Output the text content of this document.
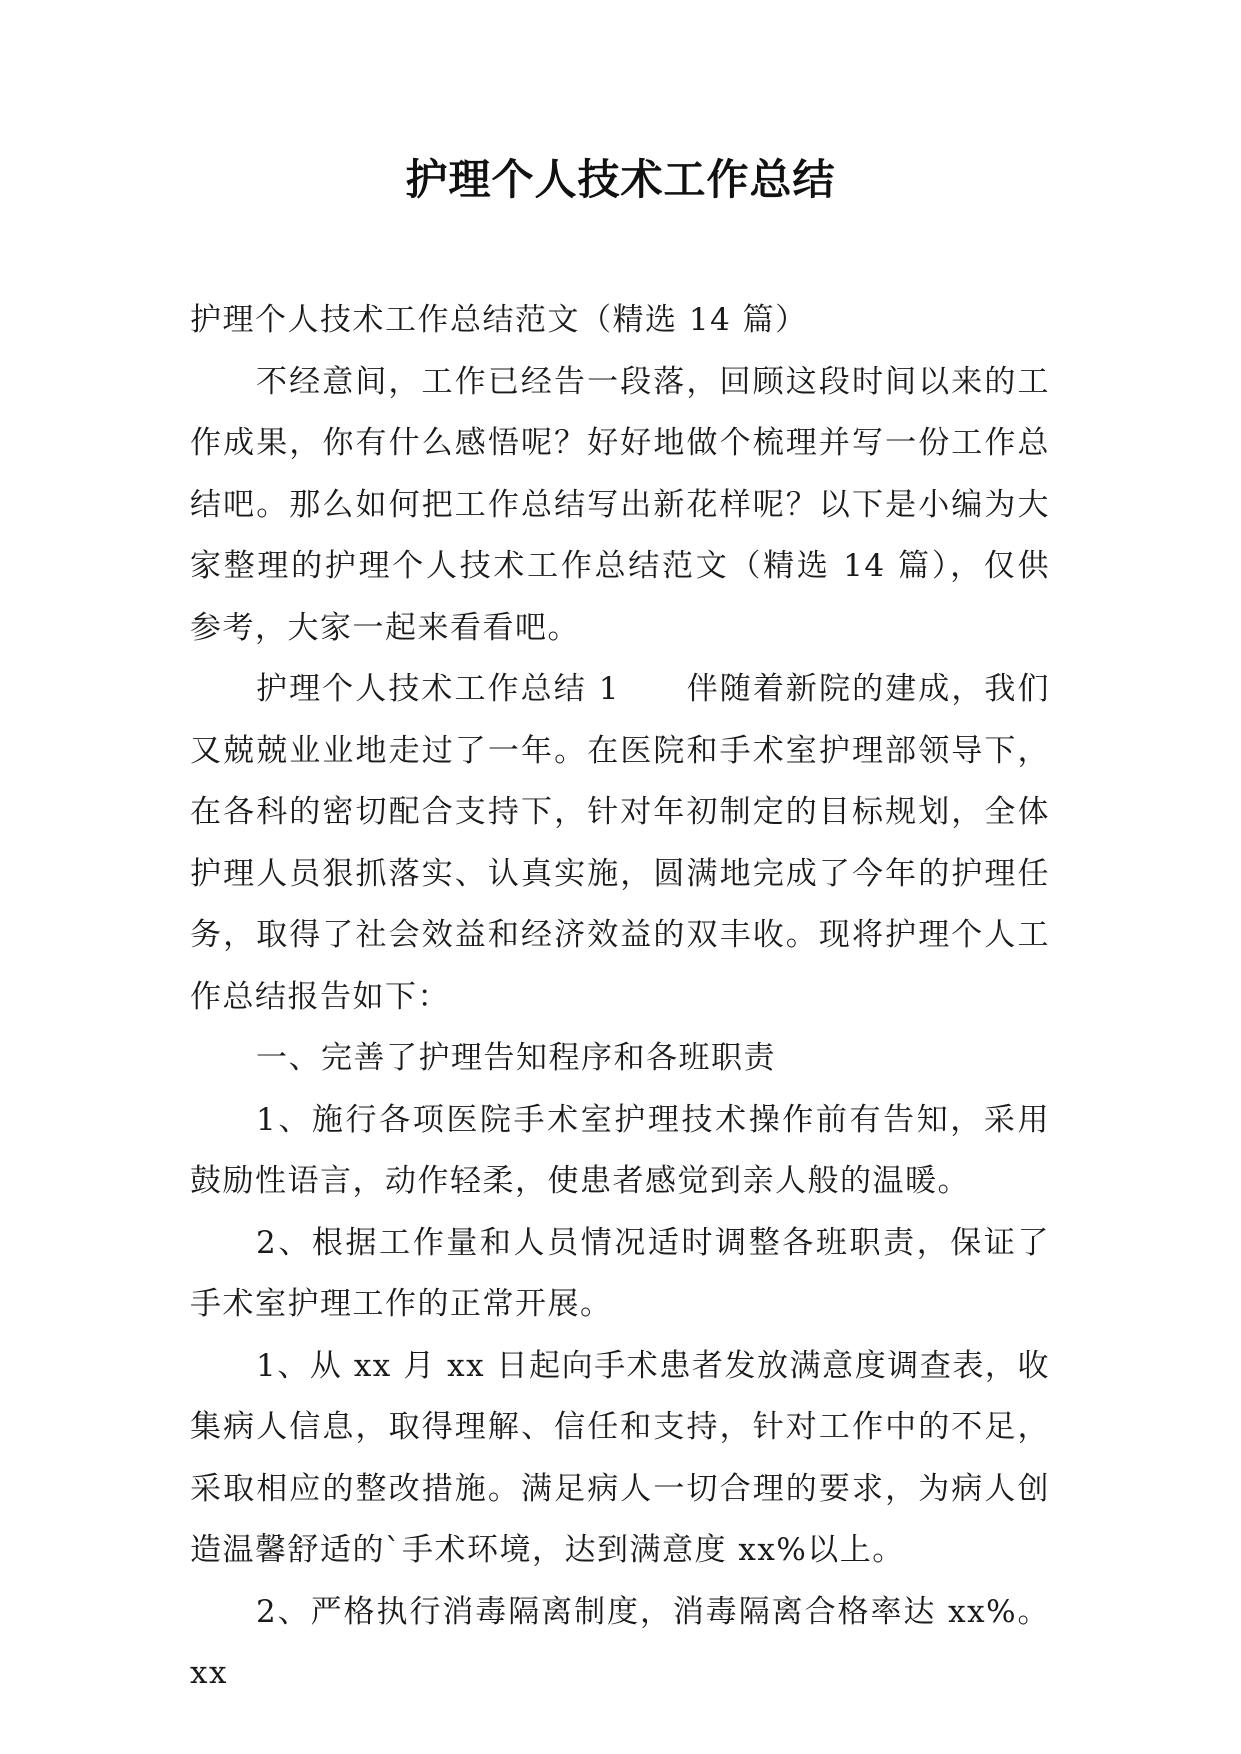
护理个人技术工作总结

护理个人技术工作总结范文（精选 14 篇）

不经意间，工作已经告一段落，回顾这段时间以来的工作成果，你有什么感悟呢？好好地做个梳理并写一份工作总结吧。那么如何把工作总结写出新花样呢？以下是小编为大家整理的护理个人技术工作总结范文（精选 14 篇），仅供参考，大家一起来看看吧。

护理个人技术工作总结 1　　伴随着新院的建成，我们又兢兢业业地走过了一年。在医院和手术室护理部领导下，在各科的密切配合支持下，针对年初制定的目标规划，全体护理人员狠抓落实、认真实施，圆满地完成了今年的护理任务，取得了社会效益和经济效益的双丰收。现将护理个人工作总结报告如下：

一、完善了护理告知程序和各班职责

1、施行各项医院手术室护理技术操作前有告知，采用鼓励性语言，动作轻柔，使患者感觉到亲人般的温暖。

2、根据工作量和人员情况适时调整各班职责，保证了手术室护理工作的正常开展。

1、从 xx 月 xx 日起向手术患者发放满意度调查表，收集病人信息，取得理解、信任和支持，针对工作中的不足，采取相应的整改措施。满足病人一切合理的要求，为病人创造温馨舒适的`手术环境，达到满意度 xx%以上。

2、严格执行消毒隔离制度，消毒隔离合格率达 xx%。xx
